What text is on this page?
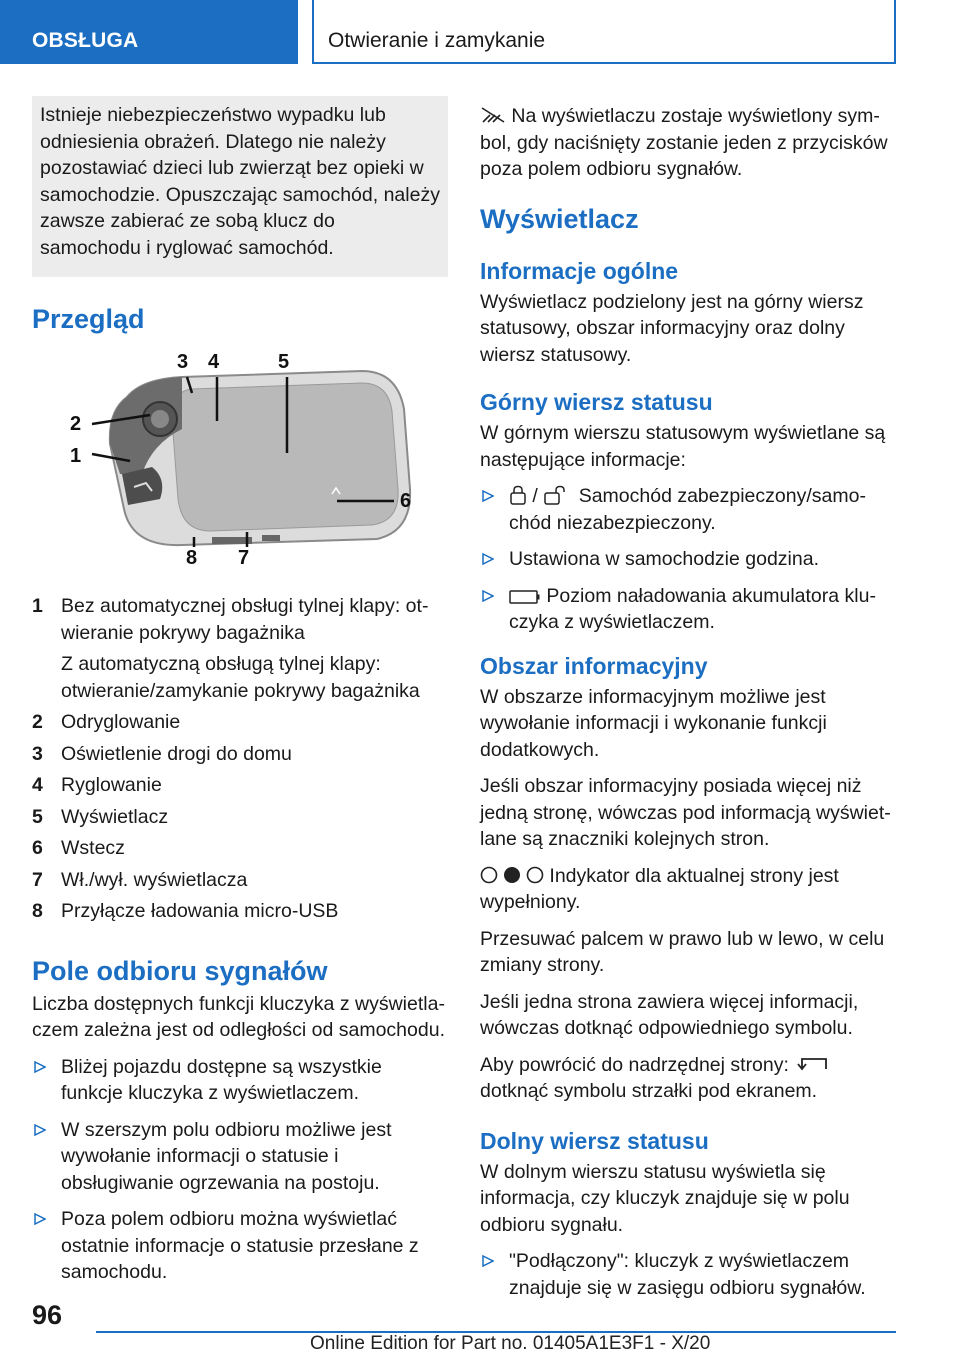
OBSŁUGA	Otwieranie i zamykanie

Istnieje niebezpieczeństwo wypadku lub odniesienia obrażeń. Dlatego nie należy pozostawiać dzieci lub zwierząt bez opieki w samochodzie. Opuszczając samochód, należy zawsze zabierać ze sobą klucz do samochodu i ryglować samochód.

Przegląd
3 4	5
2
1
6
8 7
1 Bez automatycznej obsługi tylnej klapy: otwieranie pokrywy bagażnika
Z automatyczną obsługą tylnej klapy: otwieranie/zamykanie pokrywy bagażnika
2 Odryglowanie
3 Oświetlenie drogi do domu
4 Ryglowanie
5 Wyświetlacz
6 Wstecz
7 Wł./wył. wyświetlacza
8 Przyłącze ładowania micro-USB
Pole odbioru sygnałów

Liczba dostępnych funkcji kluczyka z wyświetlaczem zależna jest od odległości od samochodu.

Bliżej pojazdu dostępne są wszystkie funkcje kluczyka z wyświetlaczem.
W szerszym polu odbioru możliwe jest wywołanie informacji o statusie i obsługiwanie ogrzewania na postoju.
Poza polem odbioru można wyświetlać ostatnie informacje o statusie przesłane z samochodu.

Na wyświetlaczu zostaje wyświetlony symbol, gdy naciśnięty zostanie jeden z przycisków poza polem odbioru sygnałów.

Wyświetlacz
Informacje ogólne

Wyświetlacz podzielony jest na górny wiersz statusowy, obszar informacyjny oraz dolny wiersz statusowy.

Górny wiersz statusu

W górnym wierszu statusowym wyświetlane są następujące informacje:

/ Samochód zabezpieczony/samochód niezabezpieczony.
Ustawiona w samochodzie godzina.
Poziom naładowania akumulatora kluczyka z wyświetlaczem.
Obszar informacyjny

W obszarze informacyjnym możliwe jest wywołanie informacji i wykonanie funkcji dodatkowych.

Jeśli obszar informacyjny posiada więcej niż jedną stronę, wówczas pod informacją wyświetlane są znaczniki kolejnych stron.

Indykator dla aktualnej strony jest wypełniony.

Przesuwać palcem w prawo lub w lewo, w celu zmiany strony.

Jeśli jedna strona zawiera więcej informacji, wówczas dotknąć odpowiedniego symbolu.

Aby powrócić do nadrzędnej strony:  dotknąć symbolu strzałki pod ekranem.

Dolny wiersz statusu

W dolnym wierszu statusu wyświetla się informacja, czy kluczyk znajduje się w polu odbioru sygnału.

"Podłączony": kluczyk z wyświetlaczem znajduje się w zasięgu odbioru sygnałów.
96
Online Edition for Part no. 01405A1E3F1 - X/20
